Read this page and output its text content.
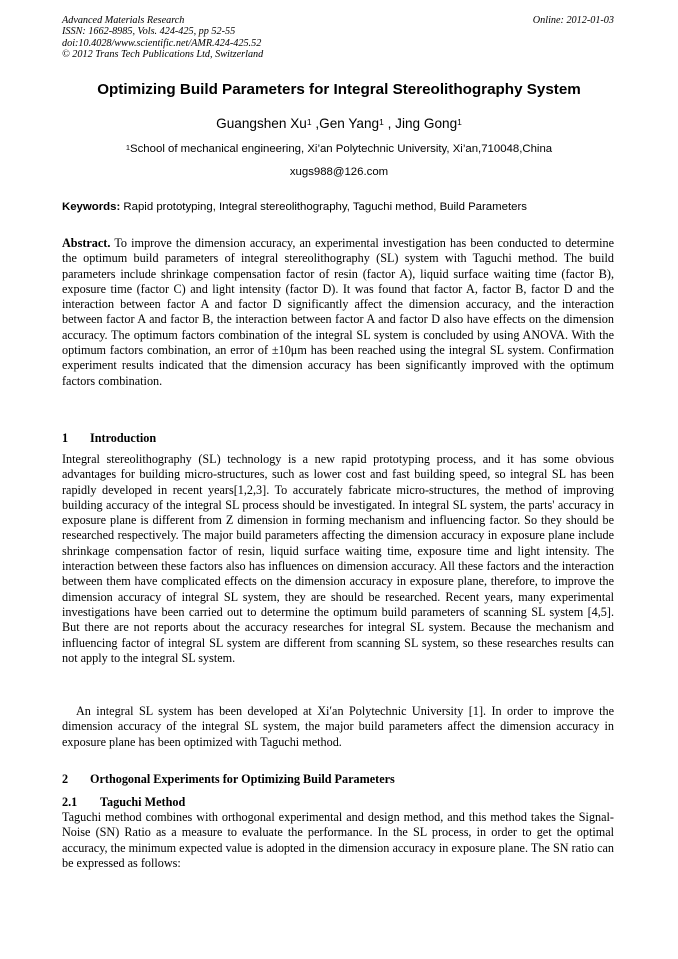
Advanced Materials Research
ISSN: 1662-8985, Vols. 424-425, pp 52-55
doi:10.4028/www.scientific.net/AMR.424-425.52
© 2012 Trans Tech Publications Ltd, Switzerland
Online: 2012-01-03
Optimizing Build Parameters for Integral Stereolithography System
Guangshen Xu$^1$ ,Gen Yang$^1$ , Jing Gong$^1$
$^1$School of mechanical engineering, Xi’an Polytechnic University, Xi’an,710048,China
xugs988@126.com
Keywords: Rapid prototyping, Integral stereolithography, Taguchi method, Build Parameters
Abstract. To improve the dimension accuracy, an experimental investigation has been conducted to determine the optimum build parameters of integral stereolithography (SL) system with Taguchi method. The build parameters include shrinkage compensation factor of resin (factor A), liquid surface waiting time (factor B), exposure time (factor C) and light intensity (factor D). It was found that factor A, factor B, factor D and the interaction between factor A and factor D significantly affect the dimension accuracy, and the interaction between factor A and factor B, the interaction between factor A and factor D also have effects on the dimension accuracy. The optimum factors combination of the integral SL system is concluded by using ANOVA. With the optimum factors combination, an error of ±10μm has been reached using the integral SL system. Confirmation experiment results indicated that the dimension accuracy has been significantly improved with the optimum factors combination.
1 Introduction
Integral stereolithography (SL) technology is a new rapid prototyping process, and it has some obvious advantages for building micro-structures, such as lower cost and fast building speed, so integral SL has been rapidly developed in recent years[1,2,3]. To accurately fabricate micro-structures, the method of improving building accuracy of the integral SL process should be investigated. In integral SL system, the parts' accuracy in exposure plane is different from Z dimension in forming mechanism and influencing factor. So they should be researched respectively. The major build parameters affecting the dimension accuracy in exposure plane include shrinkage compensation factor of resin, liquid surface waiting time, exposure time and light intensity. The interaction between these factors also has influences on dimension accuracy. All these factors and the interaction between them have complicated effects on the dimension accuracy in exposure plane, therefore, to improve the dimension accuracy of integral SL system, they are should be researched. Recent years, many experimental investigations have been carried out to determine the optimum build parameters of scanning SL system [4,5]. But there are not reports about the accuracy researches for integral SL system. Because the mechanism and influencing factor of integral SL system are different from scanning SL system, so these researches results can not apply to the integral SL system.
An integral SL system has been developed at Xi′an Polytechnic University [1]. In order to improve the dimension accuracy of the integral SL system, the major build parameters affect the dimension accuracy in exposure plane has been optimized with Taguchi method.
2 Orthogonal Experiments for Optimizing Build Parameters
2.1 Taguchi Method
Taguchi method combines with orthogonal experimental and design method, and this method takes the Signal-Noise (SN) Ratio as a measure to evaluate the performance. In the SL process, in order to get the optimal accuracy, the minimum expected value is adopted in the dimension accuracy in exposure plane. The SN ratio can be expressed as follows:
